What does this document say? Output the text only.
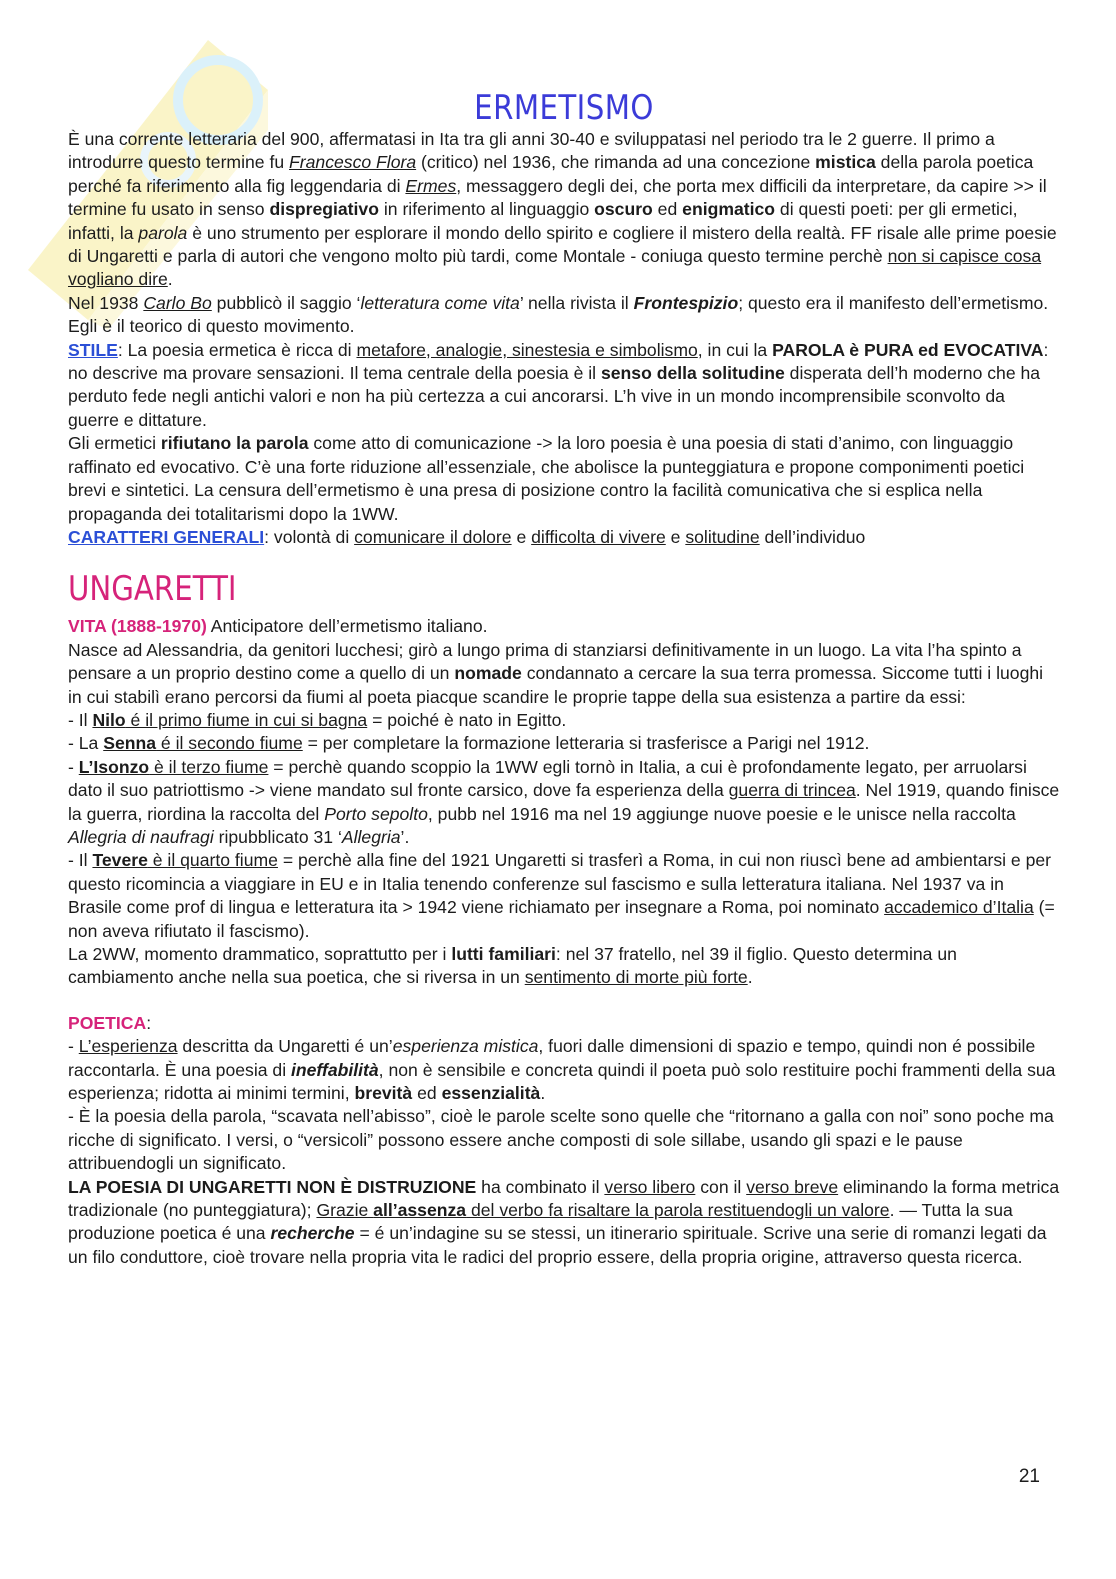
ERMETISMO

È una corrente letteraria del 900, affermatasi in Ita tra gli anni 30-40 e sviluppatasi nel periodo tra le 2 guerre. Il primo a introdurre questo termine fu Francesco Flora (critico) nel 1936, che rimanda ad una concezione mistica della parola poetica perché fa riferimento alla fig leggendaria di Ermes, messaggero degli dei, che porta mex difficili da interpretare, da capire >> il termine fu usato in senso dispregiativo in riferimento al linguaggio oscuro ed enigmatico di questi poeti: per gli ermetici, infatti, la parola è uno strumento per esplorare il mondo dello spirito e cogliere il mistero della realtà. FF risale alle prime poesie di Ungaretti e parla di autori che vengono molto più tardi, come Montale - coniuga questo termine perchè non si capisce cosa vogliano dire.

Nel 1938 Carlo Bo pubblicò il saggio ‘letteratura come vita’ nella rivista il Frontespizio; questo era il manifesto dell’ermetismo. Egli è il teorico di questo movimento.

STILE: La poesia ermetica è ricca di metafore, analogie, sinestesia e simbolismo, in cui la PAROLA è PURA ed EVOCATIVA: no descrive ma provare sensazioni. Il tema centrale della poesia è il senso della solitudine disperata dell’h moderno che ha perduto fede negli antichi valori e non ha più certezza a cui ancorarsi. L’h vive in un mondo incomprensibile sconvolto da guerre e dittature.

Gli ermetici rifiutano la parola come atto di comunicazione -> la loro poesia è una poesia di stati d’animo, con linguaggio raffinato ed evocativo. C’è una forte riduzione all’essenziale, che abolisce la punteggiatura e propone componimenti poetici brevi e sintetici. La censura dell’ermetismo è una presa di posizione contro la facilità comunicativa che si esplica nella propaganda dei totalitarismi dopo la 1WW.

CARATTERI GENERALI: volontà di comunicare il dolore e difficolta di vivere e solitudine dell’individuo

UNGARETTI

VITA (1888-1970) Anticipatore dell’ermetismo italiano.
Nasce ad Alessandria, da genitori lucchesi; girò a lungo prima di stanziarsi definitivamente in un luogo. La vita l’ha spinto a pensare a un proprio destino come a quello di un nomade condannato a cercare la sua terra promessa. Siccome tutti i luoghi in cui stabilì erano percorsi da fiumi al poeta piacque scandire le proprie tappe della sua esistenza a partire da essi:

- Il Nilo é il primo fiume in cui si bagna = poiché è nato in Egitto.

- La Senna é il secondo fiume = per completare la formazione letteraria si trasferisce a Parigi nel 1912.

- L’Isonzo è il terzo fiume = perchè quando scoppio la 1WW egli tornò in Italia, a cui è profondamente legato, per arruolarsi dato il suo patriottismo -> viene mandato sul fronte carsico, dove fa esperienza della guerra di trincea. Nel 1919, quando finisce la guerra, riordina la raccolta del Porto sepolto, pubb nel 1916 ma nel 19 aggiunge nuove poesie e le unisce nella raccolta Allegria di naufragi ripubblicato 31 ‘Allegria’.

- Il Tevere è il quarto fiume = perchè alla fine del 1921 Ungaretti si trasferì a Roma, in cui non riuscì bene ad ambientarsi e per questo ricomincia a viaggiare in EU e in Italia tenendo conferenze sul fascismo e sulla letteratura italiana. Nel 1937 va in Brasile come prof di lingua e letteratura ita > 1942 viene richiamato per insegnare a Roma, poi nominato accademico d’Italia (= non aveva rifiutato il fascismo).

La 2WW, momento drammatico, soprattutto per i lutti familiari: nel 37 fratello, nel 39 il figlio. Questo determina un cambiamento anche nella sua poetica, che si riversa in un sentimento di morte più forte.

POETICA:

- L’esperienza descritta da Ungaretti é un’esperienza mistica, fuori dalle dimensioni di spazio e tempo, quindi non é possibile raccontarla. È una poesia di ineffabilità, non è sensibile e concreta quindi il poeta può solo restituire pochi frammenti della sua esperienza; ridotta ai minimi termini, brevità ed essenzialità.

- È la poesia della parola, “scavata nell’abisso”, cioè le parole scelte sono quelle che “ritornano a galla con noi” sono poche ma ricche di significato. I versi, o “versicoli” possono essere anche composti di sole sillabe, usando gli spazi e le pause attribuendogli un significato.

LA POESIA DI UNGARETTI NON È DISTRUZIONE ha combinato il verso libero con il verso breve eliminando la forma metrica tradizionale (no punteggiatura); Grazie all’assenza del verbo fa risaltare la parola restituendogli un valore. — Tutta la sua produzione poetica é una recherche = é un’indagine su se stessi, un itinerario spirituale. Scrive una serie di romanzi legati da un filo conduttore, cioè trovare nella propria vita le radici del proprio essere, della propria origine, attraverso questa ricerca.

21
